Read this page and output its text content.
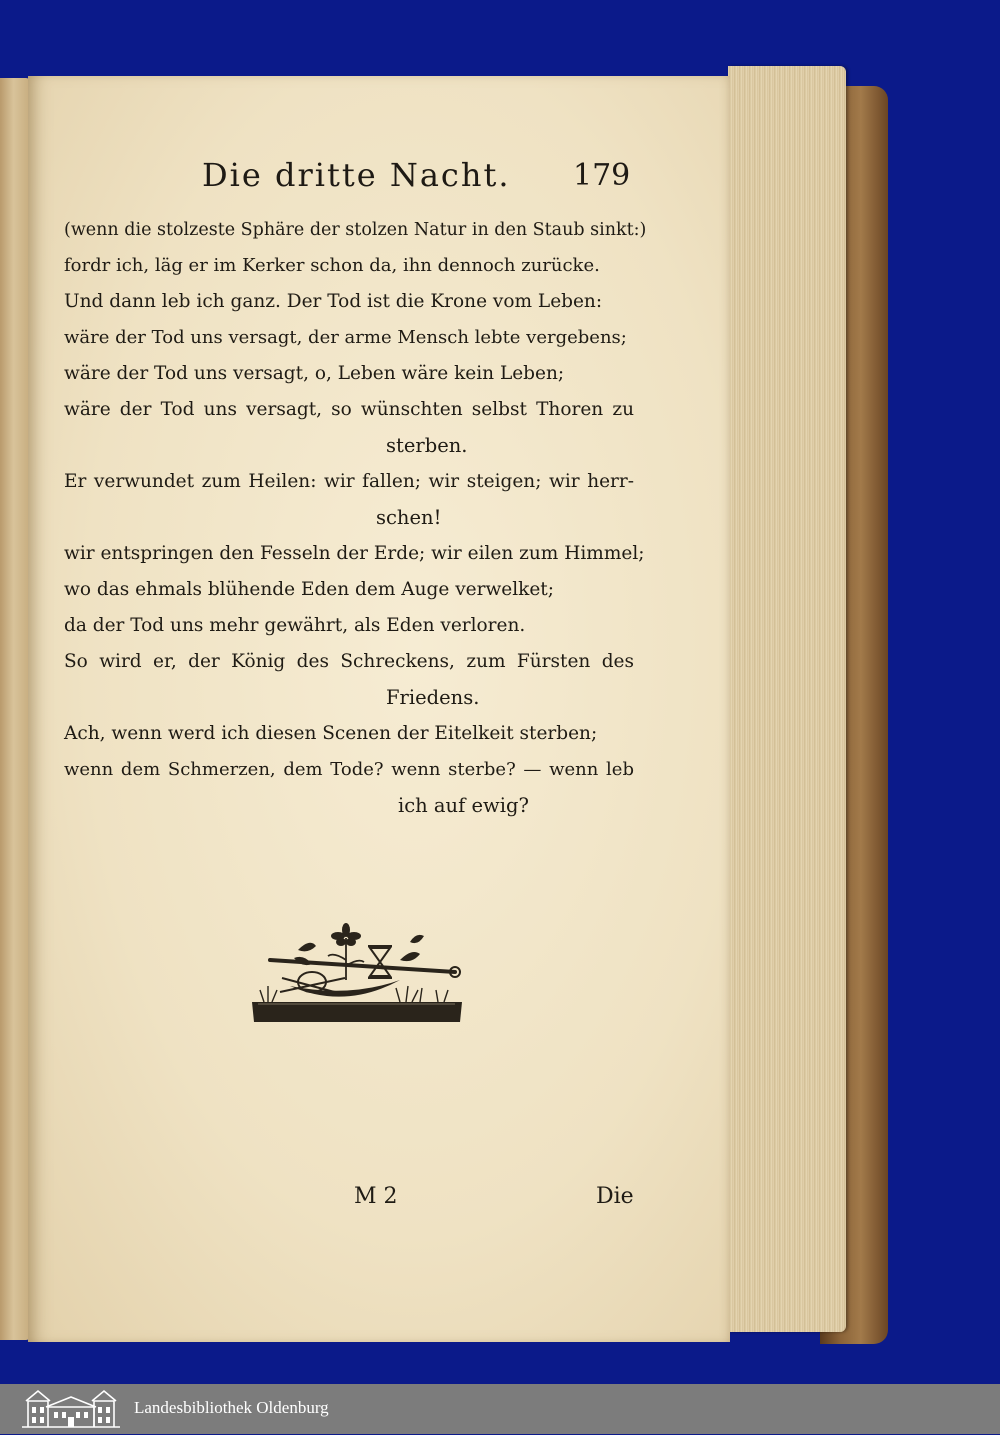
Die dritte Nacht. 179
(wenn die stolzeste Sphäre der stolzen Natur in den Staub sinkt:)
fordr ich, läg er im Kerker schon da, ihn dennoch zurücke.
Und dann leb ich ganz. Der Tod ist die Krone vom Leben:
wäre der Tod uns versagt, der arme Mensch lebte vergebens;
wäre der Tod uns versagt, o, Leben wäre kein Leben;
wäre der Tod uns versagt, so wünschten selbst Thoren zu
sterben.
Er verwundet zum Heilen: wir fallen; wir steigen; wir herr-
schen!
wir entspringen den Fesseln der Erde; wir eilen zum Himmel;
wo das ehmals blühende Eden dem Auge verwelket;
da der Tod uns mehr gewährt, als Eden verloren.
So wird er, der König des Schreckens, zum Fürsten des
Friedens.
Ach, wenn werd ich diesen Scenen der Eitelkeit sterben;
wenn dem Schmerzen, dem Tode? wenn sterbe? — wenn leb
ich auf ewig?
M 2	Die
Landesbibliothek Oldenburg
